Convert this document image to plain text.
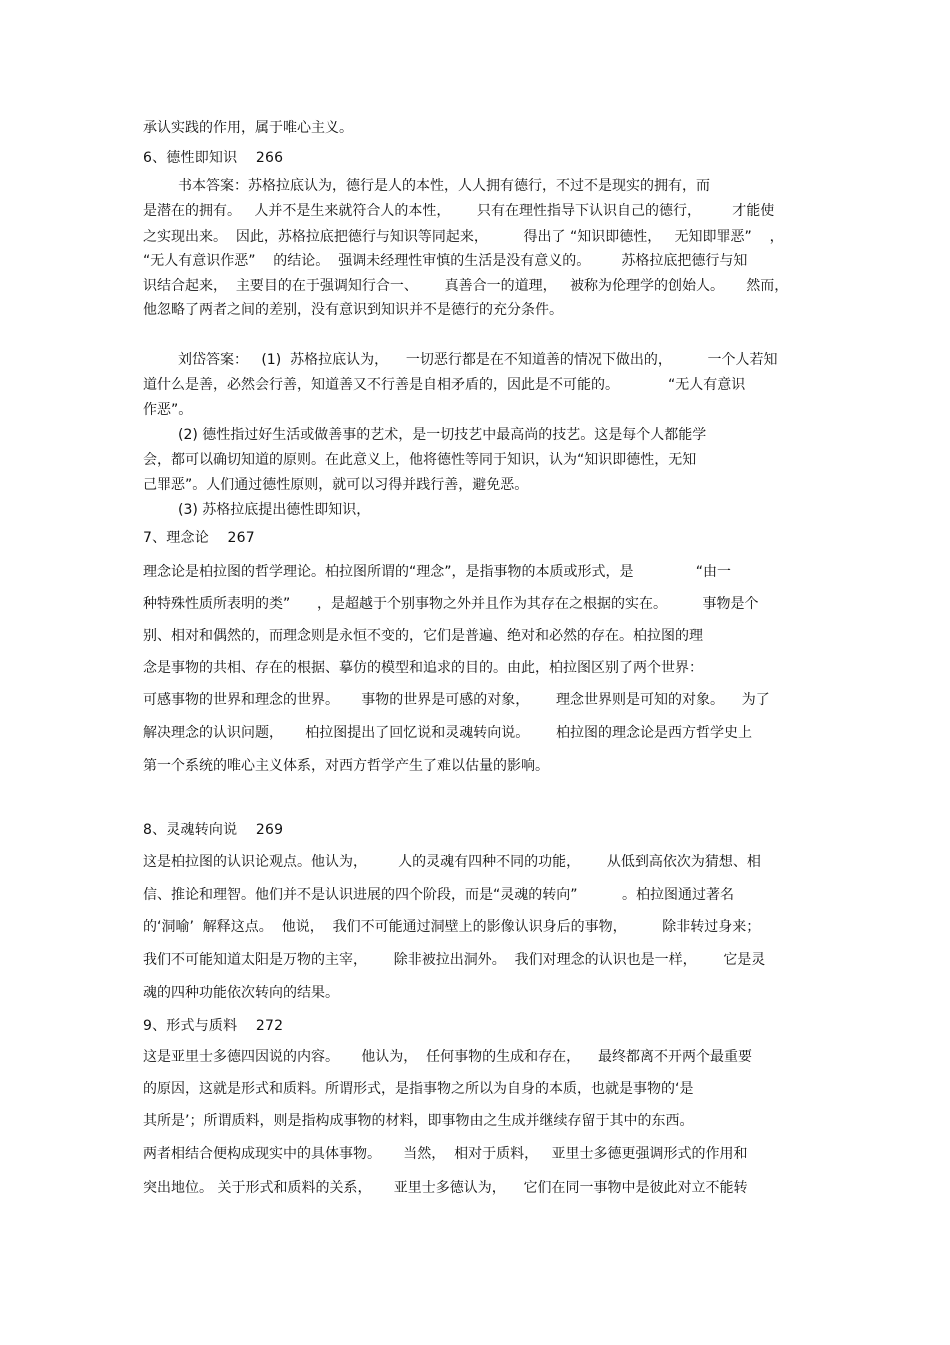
承认实践的作用，属于唯心主义。
6、德性即知识    266
书本答案：苏格拉底认为，德行是人的本性，人人拥有德行，不过不是现实的拥有，而
是潜在的拥有。   人并不是生来就符合人的本性，      只有在理性指导下认识自己的德行，       才能使
之实现出来。  因此，苏格拉底把德行与知识等同起来，        得出了 “知识即德性，   无知即罪恶”    ，
“无人有意识作恶”    的结论。  强调未经理性审慎的生活是没有意义的。       苏格拉底把德行与知
识结合起来，  主要目的在于强调知行合一、      真善合一的道理，   被称为伦理学的创始人。     然而，
他忽略了两者之间的差别，没有意识到知识并不是德行的充分条件。
刘岱答案：   (1)  苏格拉底认为，    一切恶行都是在不知道善的情况下做出的，        一个人若知
道什么是善，必然会行善，知道善又不行善是自相矛盾的，因此是不可能的。           “无人有意识
作恶”。
(2) 德性指过好生活或做善事的艺术，是一切技艺中最高尚的技艺。这是每个人都能学
会，都可以确切知道的原则。在此意义上，他将德性等同于知识，认为“知识即德性，无知
己罪恶”。人们通过德性原则，就可以习得并践行善，避免恶。
(3) 苏格拉底提出德性即知识，
7、理念论    267
理念论是柏拉图的哲学理论。柏拉图所谓的“理念”，是指事物的本质或形式，是              “由一
种特殊性质所表明的类”      ，是超越于个别事物之外并且作为其存在之根据的实在。        事物是个
别、相对和偶然的，而理念则是永恒不变的，它们是普遍、绝对和必然的存在。柏拉图的理
念是事物的共相、存在的根据、摹仿的模型和追求的目的。由此，柏拉图区别了两个世界：
可感事物的世界和理念的世界。     事物的世界是可感的对象，      理念世界则是可知的对象。    为了
解决理念的认识问题，     柏拉图提出了回忆说和灵魂转向说。      柏拉图的理念论是西方哲学史上
第一个系统的唯心主义体系，对西方哲学产生了难以估量的影响。
8、灵魂转向说    269
这是柏拉图的认识论观点。他认为，       人的灵魂有四种不同的功能，      从低到高依次为猜想、相
信、推论和理智。他们并不是认识进展的四个阶段，而是“灵魂的转向”          。柏拉图通过著名
的‘洞喻’  解释这点。  他说，  我们不可能通过洞壁上的影像认识身后的事物，        除非转过身来；
我们不可能知道太阳是万物的主宰，      除非被拉出洞外。  我们对理念的认识也是一样，      它是灵
魂的四种功能依次转向的结果。
9、形式与质料    272
这是亚里士多德四因说的内容。     他认为，  任何事物的生成和存在，    最终都离不开两个最重要
的原因，这就是形式和质料。所谓形式，是指事物之所以为自身的本质，也就是事物的‘是
其所是’；所谓质料，则是指构成事物的材料，即事物由之生成并继续存留于其中的东西。
两者相结合便构成现实中的具体事物。     当然，  相对于质料，   亚里士多德更强调形式的作用和
突出地位。 关于形式和质料的关系，     亚里士多德认为，    它们在同一事物中是彼此对立不能转
